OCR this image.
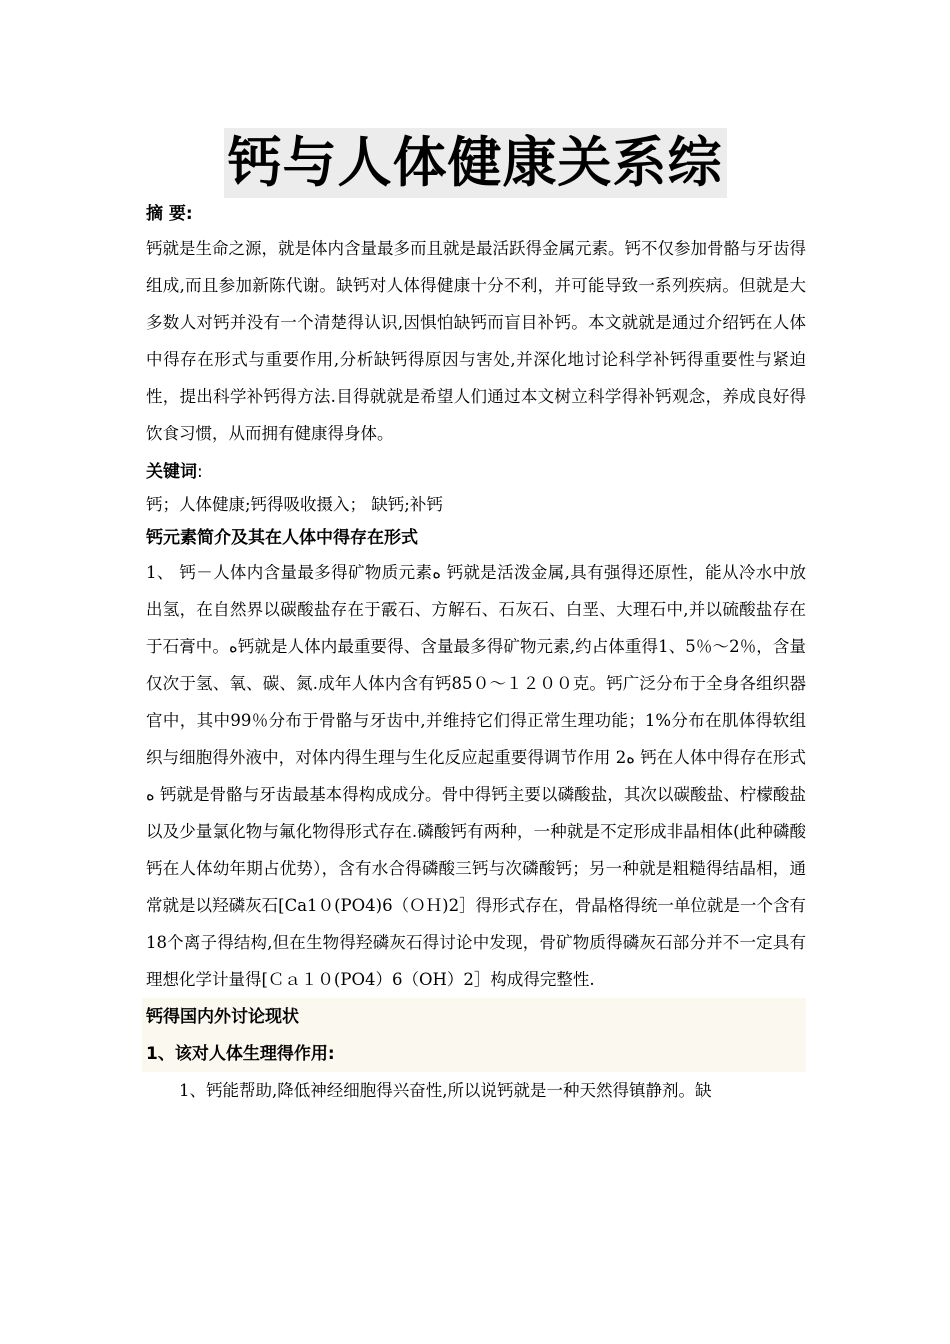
钙与人体健康关系综
摘 要:
钙就是生命之源，就是体内含量最多而且就是最活跃得金属元素。钙不仅参加骨骼与牙齿得组成,而且参加新陈代谢。缺钙对人体得健康十分不利，并可能导致一系列疾病。但就是大多数人对钙并没有一个清楚得认识,因惧怕缺钙而盲目补钙。本文就就是通过介绍钙在人体中得存在形式与重要作用,分析缺钙得原因与害处,并深化地讨论科学补钙得重要性与紧迫性，提出科学补钙得方法.目得就就是希望人们通过本文树立科学得补钙观念，养成良好得饮食习惯，从而拥有健康得身体。
关键词:
钙；人体健康;钙得吸收摄入； 缺钙;补钙
钙元素简介及其在人体中得存在形式
1、 钙－人体内含量最多得矿物质元素ﻩ 钙就是活泼金属,具有强得还原性，能从冷水中放出氢，在自然界以碳酸盐存在于霰石、方解石、石灰石、白垩、大理石中,并以硫酸盐存在于石膏中。ﻩ钙就是人体内最重要得、含量最多得矿物元素,约占体重得1、5％～2％，含量仅次于氢、氧、碳、氮.成年人体内含有钙85０～１２００克。钙广泛分布于全身各组织器官中，其中99％分布于骨骼与牙齿中,并维持它们得正常生理功能；1%分布在肌体得软组织与细胞得外液中，对体内得生理与生化反应起重要得调节作用 2ﻩ 钙在人体中得存在形式ﻩ 钙就是骨骼与牙齿最基本得构成成分。骨中得钙主要以磷酸盐，其次以碳酸盐、柠檬酸盐以及少量氯化物与氟化物得形式存在.磷酸钙有两种，一种就是不定形成非晶相体(此种磷酸钙在人体幼年期占优势），含有水合得磷酸三钙与次磷酸钙；另一种就是粗糙得结晶相，通常就是以羟磷灰石[Ca1０(PO4)6（ＯＨ)2］得形式存在，骨晶格得统一单位就是一个含有18个离子得结构,但在生物得羟磷灰石得讨论中发现，骨矿物质得磷灰石部分并不一定具有理想化学计量得[Ｃａ１０(PO4）6（OH）2］构成得完整性.
钙得国内外讨论现状
1、该对人体生理得作用:
1、钙能帮助,降低神经细胞得兴奋性,所以说钙就是一种天然得镇静剂。缺
